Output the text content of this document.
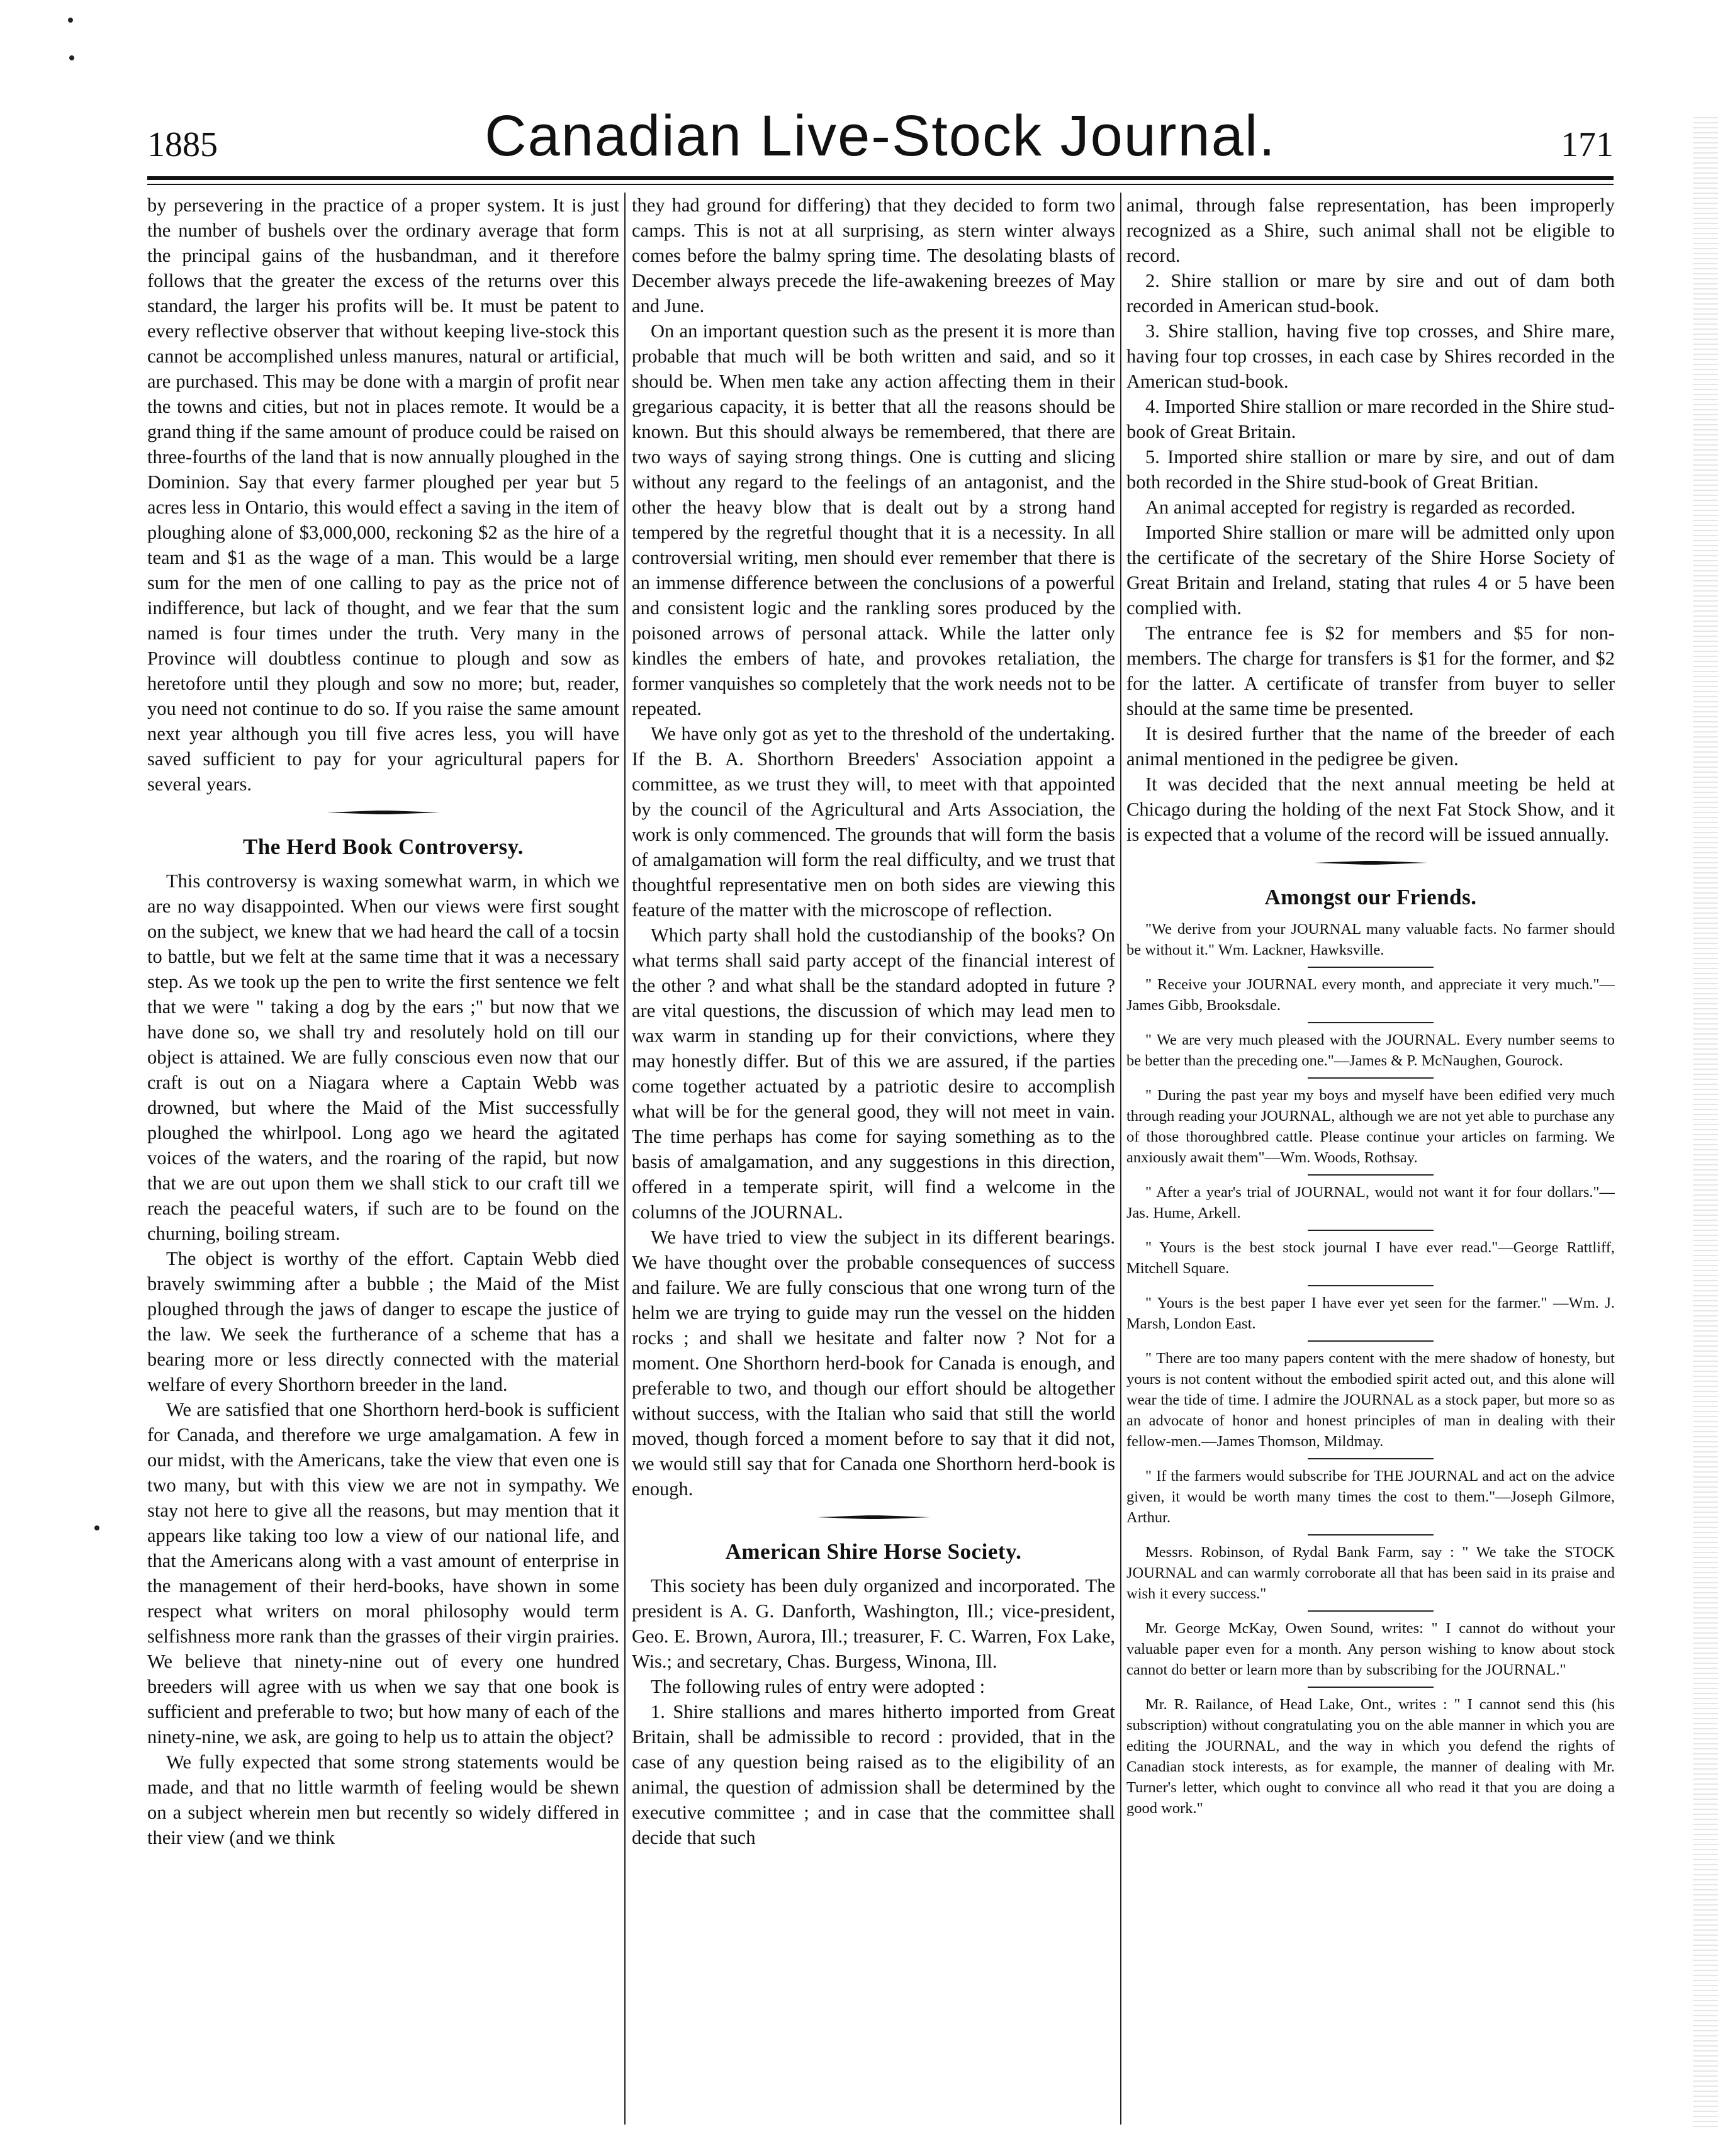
1885	Canadian Live-Stock Journal.	171

by persevering in the practice of a proper system. It is just the number of bushels over the ordinary average that form the principal gains of the husbandman, and it therefore follows that the greater the excess of the returns over this standard, the larger his profits will be. It must be patent to every reflective observer that without keeping live-stock this cannot be accomplished unless manures, natural or artificial, are purchased. This may be done with a margin of profit near the towns and cities, but not in places remote. It would be a grand thing if the same amount of produce could be raised on three-fourths of the land that is now annually ploughed in the Dominion. Say that every farmer ploughed per year but 5 acres less in Ontario, this would effect a saving in the item of ploughing alone of $3,000,000, reckoning $2 as the hire of a team and $1 as the wage of a man. This would be a large sum for the men of one calling to pay as the price not of indifference, but lack of thought, and we fear that the sum named is four times under the truth. Very many in the Province will doubtless continue to plough and sow as heretofore until they plough and sow no more; but, reader, you need not continue to do so. If you raise the same amount next year although you till five acres less, you will have saved sufficient to pay for your agricultural papers for several years.

The Herd Book Controversy.

This controversy is waxing somewhat warm, in which we are no way disappointed. When our views were first sought on the subject, we knew that we had heard the call of a tocsin to battle, but we felt at the same time that it was a necessary step. As we took up the pen to write the first sentence we felt that we were " taking a dog by the ears ;" but now that we have done so, we shall try and resolutely hold on till our object is attained. We are fully conscious even now that our craft is out on a Niagara where a Captain Webb was drowned, but where the Maid of the Mist successfully ploughed the whirlpool. Long ago we heard the agitated voices of the waters, and the roaring of the rapid, but now that we are out upon them we shall stick to our craft till we reach the peaceful waters, if such are to be found on the churning, boiling stream.

The object is worthy of the effort. Captain Webb died bravely swimming after a bubble ; the Maid of the Mist ploughed through the jaws of danger to escape the justice of the law. We seek the furtherance of a scheme that has a bearing more or less directly connected with the material welfare of every Shorthorn breeder in the land.

We are satisfied that one Shorthorn herd-book is sufficient for Canada, and therefore we urge amalgamation. A few in our midst, with the Americans, take the view that even one is two many, but with this view we are not in sympathy. We stay not here to give all the reasons, but may mention that it appears like taking too low a view of our national life, and that the Americans along with a vast amount of enterprise in the management of their herd-books, have shown in some respect what writers on moral philosophy would term selfishness more rank than the grasses of their virgin prairies. We believe that ninety-nine out of every one hundred breeders will agree with us when we say that one book is sufficient and preferable to two; but how many of each of the ninety-nine, we ask, are going to help us to attain the object?

We fully expected that some strong statements would be made, and that no little warmth of feeling would be shewn on a subject wherein men but recently so widely differed in their view (and we think

they had ground for differing) that they decided to form two camps. This is not at all surprising, as stern winter always comes before the balmy spring time. The desolating blasts of December always precede the life-awakening breezes of May and June.

On an important question such as the present it is more than probable that much will be both written and said, and so it should be. When men take any action affecting them in their gregarious capacity, it is better that all the reasons should be known. But this should always be remembered, that there are two ways of saying strong things. One is cutting and slicing without any regard to the feelings of an antagonist, and the other the heavy blow that is dealt out by a strong hand tempered by the regretful thought that it is a necessity. In all controversial writing, men should ever remember that there is an immense difference between the conclusions of a powerful and consistent logic and the rankling sores produced by the poisoned arrows of personal attack. While the latter only kindles the embers of hate, and provokes retaliation, the former vanquishes so completely that the work needs not to be repeated.

We have only got as yet to the threshold of the undertaking. If the B. A. Shorthorn Breeders' Association appoint a committee, as we trust they will, to meet with that appointed by the council of the Agricultural and Arts Association, the work is only commenced. The grounds that will form the basis of amalgamation will form the real difficulty, and we trust that thoughtful representative men on both sides are viewing this feature of the matter with the microscope of reflection.

Which party shall hold the custodianship of the books? On what terms shall said party accept of the financial interest of the other ? and what shall be the standard adopted in future ? are vital questions, the discussion of which may lead men to wax warm in standing up for their convictions, where they may honestly differ. But of this we are assured, if the parties come together actuated by a patriotic desire to accomplish what will be for the general good, they will not meet in vain. The time perhaps has come for saying something as to the basis of amalgamation, and any suggestions in this direction, offered in a temperate spirit, will find a welcome in the columns of the JOURNAL.

We have tried to view the subject in its different bearings. We have thought over the probable consequences of success and failure. We are fully conscious that one wrong turn of the helm we are trying to guide may run the vessel on the hidden rocks ; and shall we hesitate and falter now ? Not for a moment. One Shorthorn herd-book for Canada is enough, and preferable to two, and though our effort should be altogether without success, with the Italian who said that still the world moved, though forced a moment before to say that it did not, we would still say that for Canada one Shorthorn herd-book is enough.

American Shire Horse Society.

This society has been duly organized and incorporated. The president is A. G. Danforth, Washington, Ill.; vice-president, Geo. E. Brown, Aurora, Ill.; treasurer, F. C. Warren, Fox Lake, Wis.; and secretary, Chas. Burgess, Winona, Ill.

The following rules of entry were adopted :

1. Shire stallions and mares hitherto imported from Great Britain, shall be admissible to record : provided, that in the case of any question being raised as to the eligibility of an animal, the question of admission shall be determined by the executive committee ; and in case that the committee shall decide that such

animal, through false representation, has been improperly recognized as a Shire, such animal shall not be eligible to record.

2. Shire stallion or mare by sire and out of dam both recorded in American stud-book.

3. Shire stallion, having five top crosses, and Shire mare, having four top crosses, in each case by Shires recorded in the American stud-book.

4. Imported Shire stallion or mare recorded in the Shire stud-book of Great Britain.

5. Imported shire stallion or mare by sire, and out of dam both recorded in the Shire stud-book of Great Britian.

An animal accepted for registry is regarded as recorded.

Imported Shire stallion or mare will be admitted only upon the certificate of the secretary of the Shire Horse Society of Great Britain and Ireland, stating that rules 4 or 5 have been complied with.

The entrance fee is $2 for members and $5 for non-members. The charge for transfers is $1 for the former, and $2 for the latter. A certificate of transfer from buyer to seller should at the same time be presented.

It is desired further that the name of the breeder of each animal mentioned in the pedigree be given.

It was decided that the next annual meeting be held at Chicago during the holding of the next Fat Stock Show, and it is expected that a volume of the record will be issued annually.

Amongst our Friends.

"We derive from your JOURNAL many valuable facts. No farmer should be without it." Wm. Lackner, Hawksville.

" Receive your JOURNAL every month, and appreciate it very much."—James Gibb, Brooksdale.

" We are very much pleased with the JOURNAL. Every number seems to be better than the preceding one."—James & P. McNaughen, Gourock.

" During the past year my boys and myself have been edified very much through reading your JOURNAL, although we are not yet able to purchase any of those thoroughbred cattle. Please continue your articles on farming. We anxiously await them"—Wm. Woods, Rothsay.

" After a year's trial of JOURNAL, would not want it for four dollars."—Jas. Hume, Arkell.

" Yours is the best stock journal I have ever read."—George Rattliff, Mitchell Square.

" Yours is the best paper I have ever yet seen for the farmer." —Wm. J. Marsh, London East.

" There are too many papers content with the mere shadow of honesty, but yours is not content without the embodied spirit acted out, and this alone will wear the tide of time. I admire the JOURNAL as a stock paper, but more so as an advocate of honor and honest principles of man in dealing with their fellow-men.—James Thomson, Mildmay.

" If the farmers would subscribe for THE JOURNAL and act on the advice given, it would be worth many times the cost to them."—Joseph Gilmore, Arthur.

Messrs. Robinson, of Rydal Bank Farm, say : " We take the STOCK JOURNAL and can warmly corroborate all that has been said in its praise and wish it every success."

Mr. George McKay, Owen Sound, writes: " I cannot do without your valuable paper even for a month. Any person wishing to know about stock cannot do better or learn more than by subscribing for the JOURNAL."

Mr. R. Railance, of Head Lake, Ont., writes : " I cannot send this (his subscription) without congratulating you on the able manner in which you are editing the JOURNAL, and the way in which you defend the rights of Canadian stock interests, as for example, the manner of dealing with Mr. Turner's letter, which ought to convince all who read it that you are doing a good work."
